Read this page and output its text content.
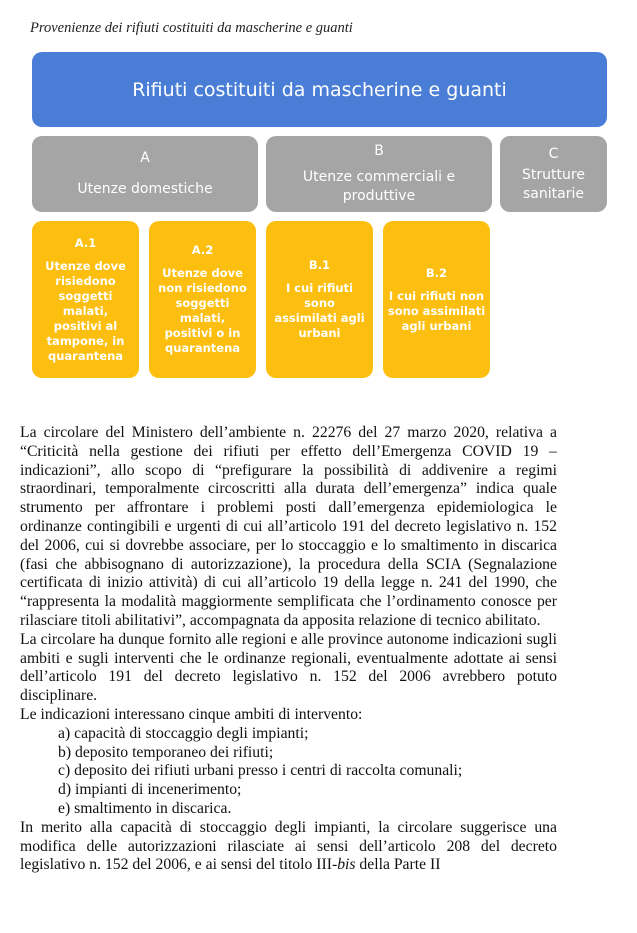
Provenienze dei rifiuti costituiti da mascherine e guanti
Rifiuti costituiti da mascherine e guanti
A
Utenze domestiche
B
Utenze commerciali e
produttive
C
Strutture
sanitarie
A.1
Utenze dove
risiedono
soggetti malati,
positivi al
tampone, in
quarantena
A.2
Utenze dove
non risiedono
soggetti malati,
positivi o in
quarantena
B.1
I cui rifiuti sono
assimilati agli
urbani
B.2
I cui rifiuti non
sono assimilati
agli urbani

La circolare del Ministero dell’ambiente n. 22276 del 27 marzo 2020, relativa a “Criticità nella gestione dei rifiuti per effetto dell’Emergenza COVID 19 – indicazioni”, allo scopo di “prefigurare la possibilità di addivenire a regimi straordinari, temporalmente circoscritti alla durata dell’emergenza” indica quale strumento per affrontare i problemi posti dall’emergenza epidemiologica le ordinanze contingibili e urgenti di cui all’articolo 191 del decreto legislativo n. 152 del 2006, cui si dovrebbe associare, per lo stoccaggio e lo smaltimento in discarica (fasi che abbisognano di autorizzazione), la procedura della SCIA (Segnalazione certificata di inizio attività) di cui all’articolo 19 della legge n. 241 del 1990, che “rappresenta la modalità maggiormente semplificata che l’ordinamento conosce per rilasciare titoli abilitativi”, accompagnata da apposita relazione di tecnico abilitato.

La circolare ha dunque fornito alle regioni e alle province autonome indicazioni sugli ambiti e sugli interventi che le ordinanze regionali, eventualmente adottate ai sensi dell’articolo 191 del decreto legislativo n. 152 del 2006 avrebbero potuto disciplinare.

Le indicazioni interessano cinque ambiti di intervento:

a) capacità di stoccaggio degli impianti;
b) deposito temporaneo dei rifiuti;
c) deposito dei rifiuti urbani presso i centri di raccolta comunali;
d) impianti di incenerimento;
e) smaltimento in discarica.

In merito alla capacità di stoccaggio degli impianti, la circolare suggerisce una modifica delle autorizzazioni rilasciate ai sensi dell’articolo 208 del decreto legislativo n. 152 del 2006, e ai sensi del titolo III-bis della Parte II
